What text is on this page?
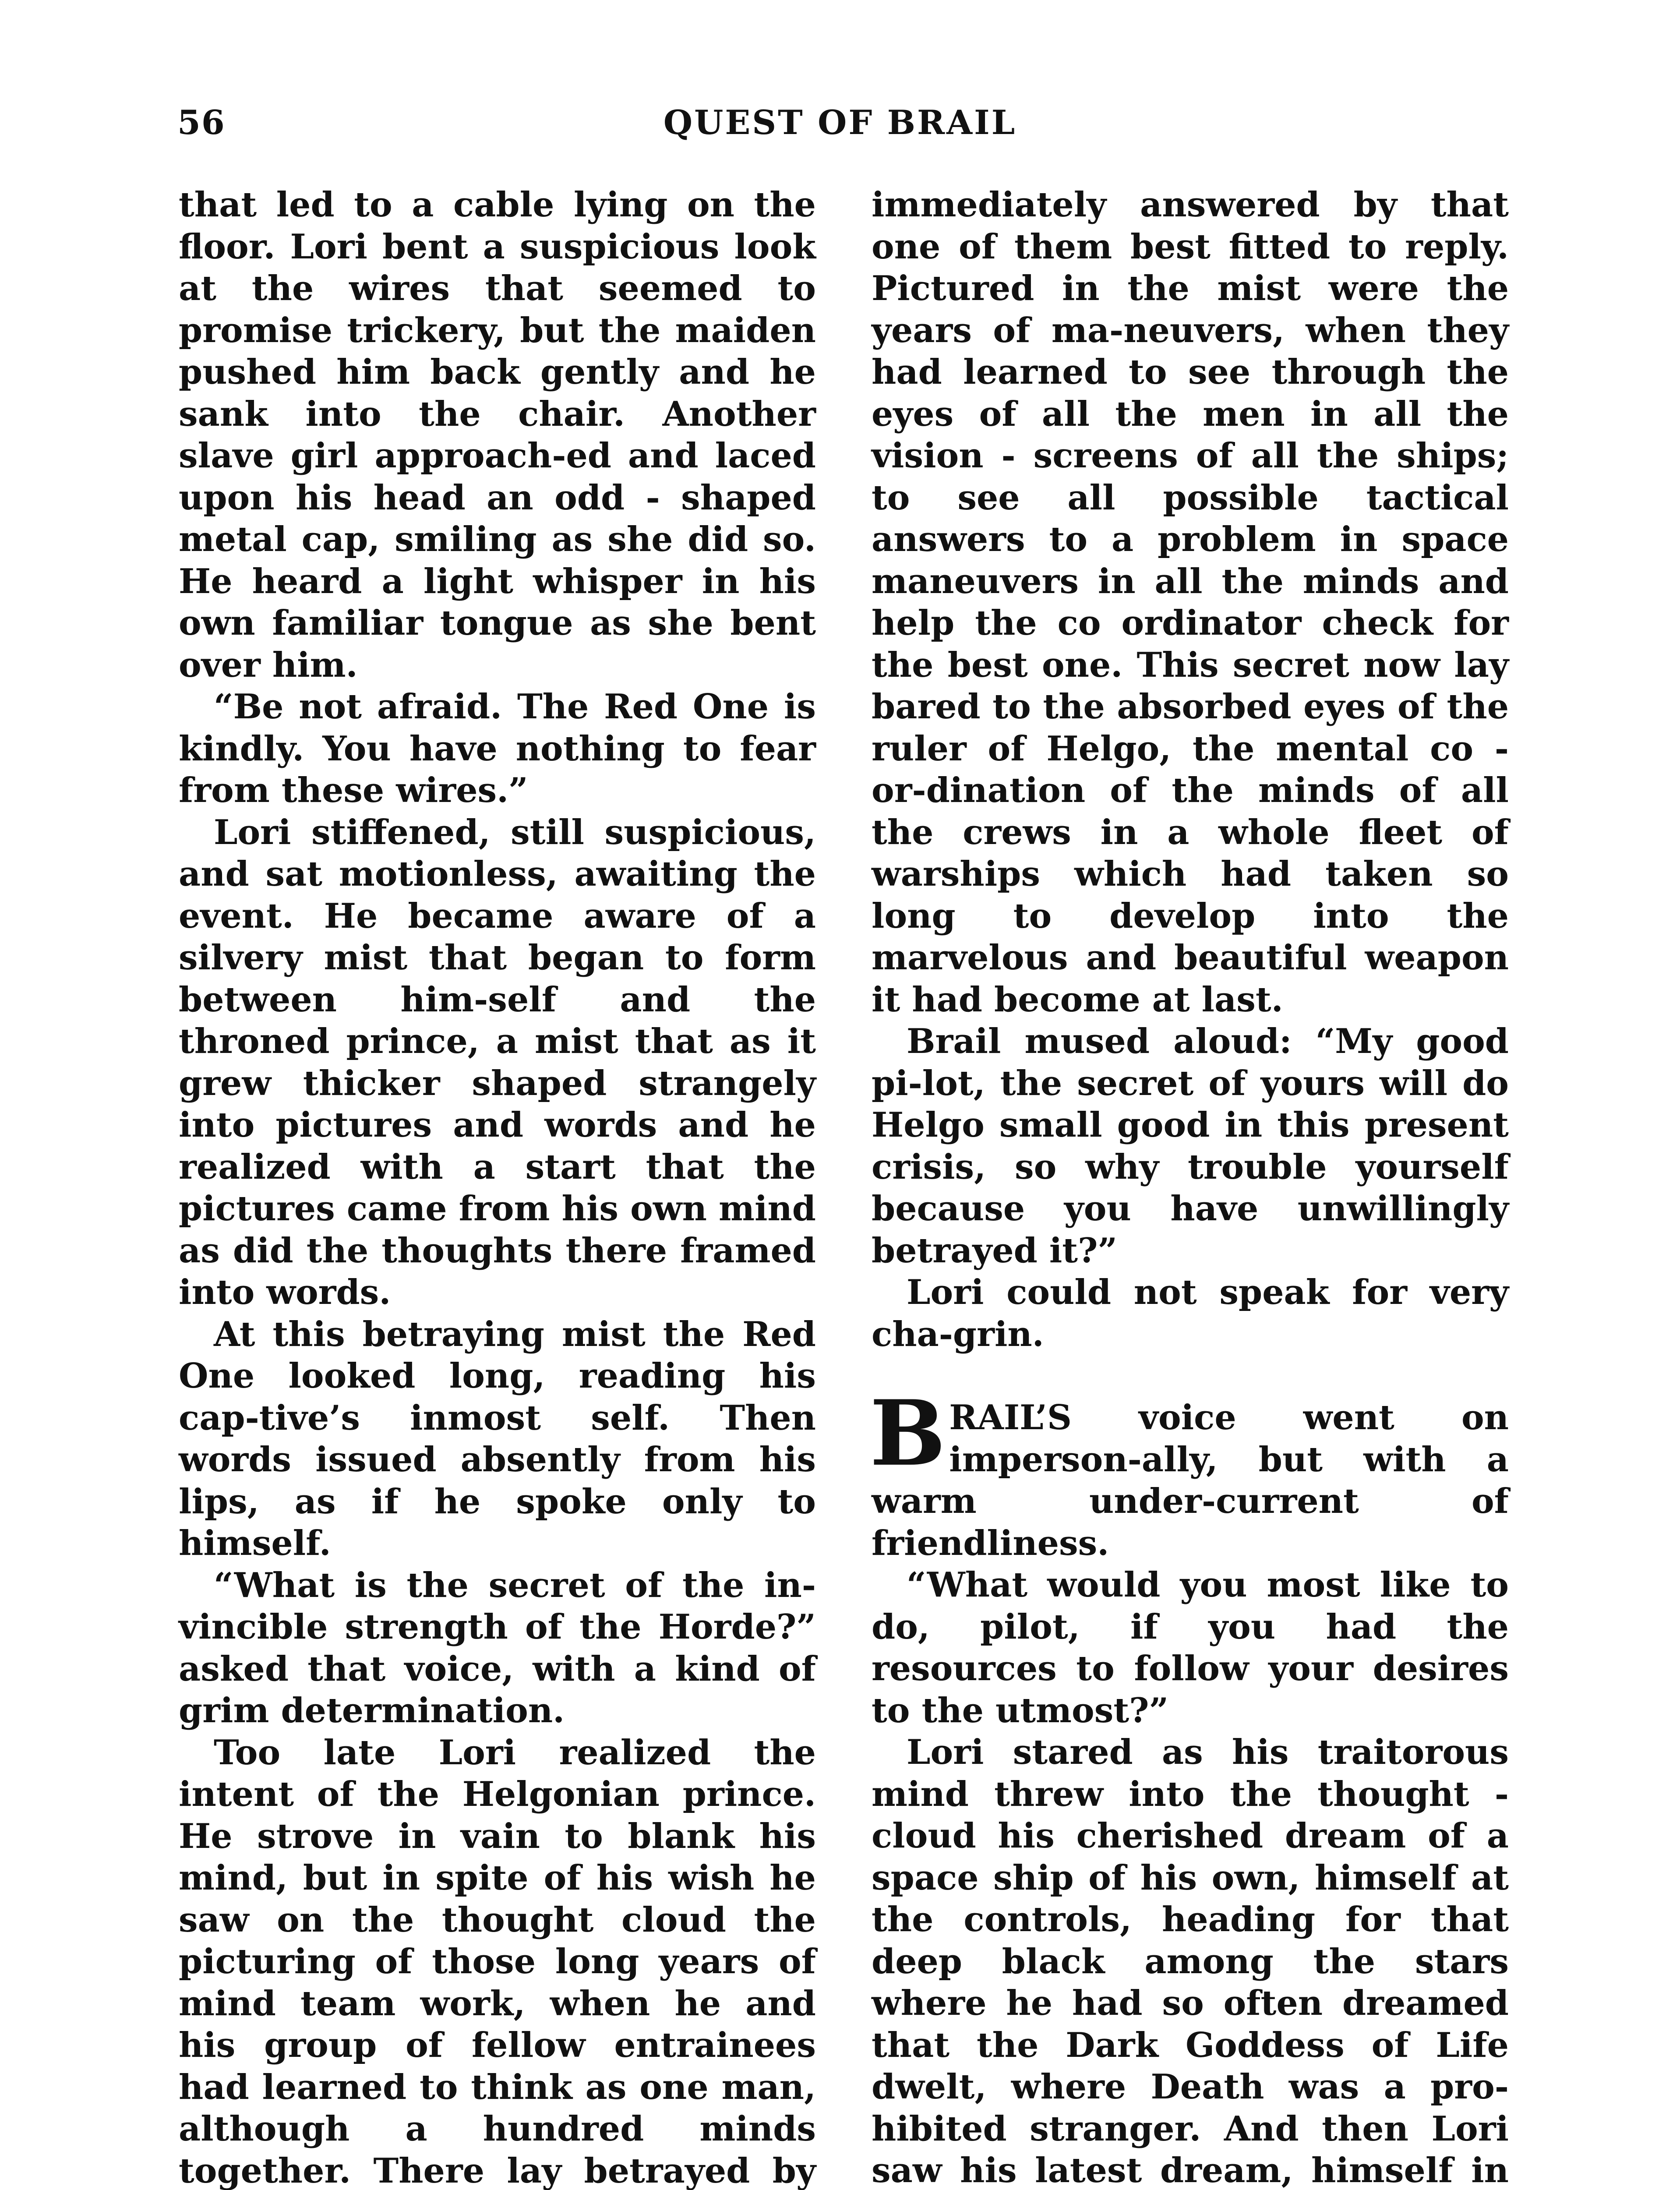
56	QUEST OF BRAIL

that led to a cable lying on the floor. Lori bent a suspicious look at the wires that seemed to promise trickery, but the maiden pushed him back gently and he sank into the chair. Another slave girl approach-ed and laced upon his head an odd - shaped metal cap, smiling as she did so. He heard a light whisper in his own familiar tongue as she bent over him.

“Be not afraid. The Red One is kindly. You have nothing to fear from these wires.”

Lori stiffened, still suspicious, and sat motionless, awaiting the event. He became aware of a silvery mist that began to form between him-self and the throned prince, a mist that as it grew thicker shaped strangely into pictures and words and he realized with a start that the pictures came from his own mind as did the thoughts there framed into words.

At this betraying mist the Red One looked long, reading his cap-tive’s inmost self. Then words issued absently from his lips, as if he spoke only to himself.

“What is the secret of the in-vincible strength of the Horde?” asked that voice, with a kind of grim determination.

Too late Lori realized the intent of the Helgonian prince. He strove in vain to blank his mind, but in spite of his wish he saw on the thought cloud the picturing of those long years of mind team work, when he and his group of fellow entrainees had learned to think as one man, although a hundred minds together. There lay betrayed by

immediately answered by that one of them best fitted to reply. Pictured in the mist were the years of ma-neuvers, when they had learned to see through the eyes of all the men in all the vision - screens of all the ships; to see all possible tactical answers to a problem in space maneuvers in all the minds and help the co ordinator check for the best one. This secret now lay bared to the absorbed eyes of the ruler of Helgo, the mental co - or-dination of the minds of all the crews in a whole fleet of warships which had taken so long to develop into the marvelous and beautiful weapon it had become at last.

Brail mused aloud: “My good pi-lot, the secret of yours will do Helgo small good in this present crisis, so why trouble yourself because you have unwillingly betrayed it?”

Lori could not speak for very cha-grin.

BRAIL’S voice went on imperson-ally, but with a warm under-current of friendliness.

“What would you most like to do, pilot, if you had the resources to follow your desires to the utmost?”

Lori stared as his traitorous mind threw into the thought - cloud his cherished dream of a space ship of his own, himself at the controls, heading for that deep black among the stars where he had so often dreamed that the Dark Goddess of Life dwelt, where Death was a pro-hibited stranger. And then Lori saw his latest dream, himself in
